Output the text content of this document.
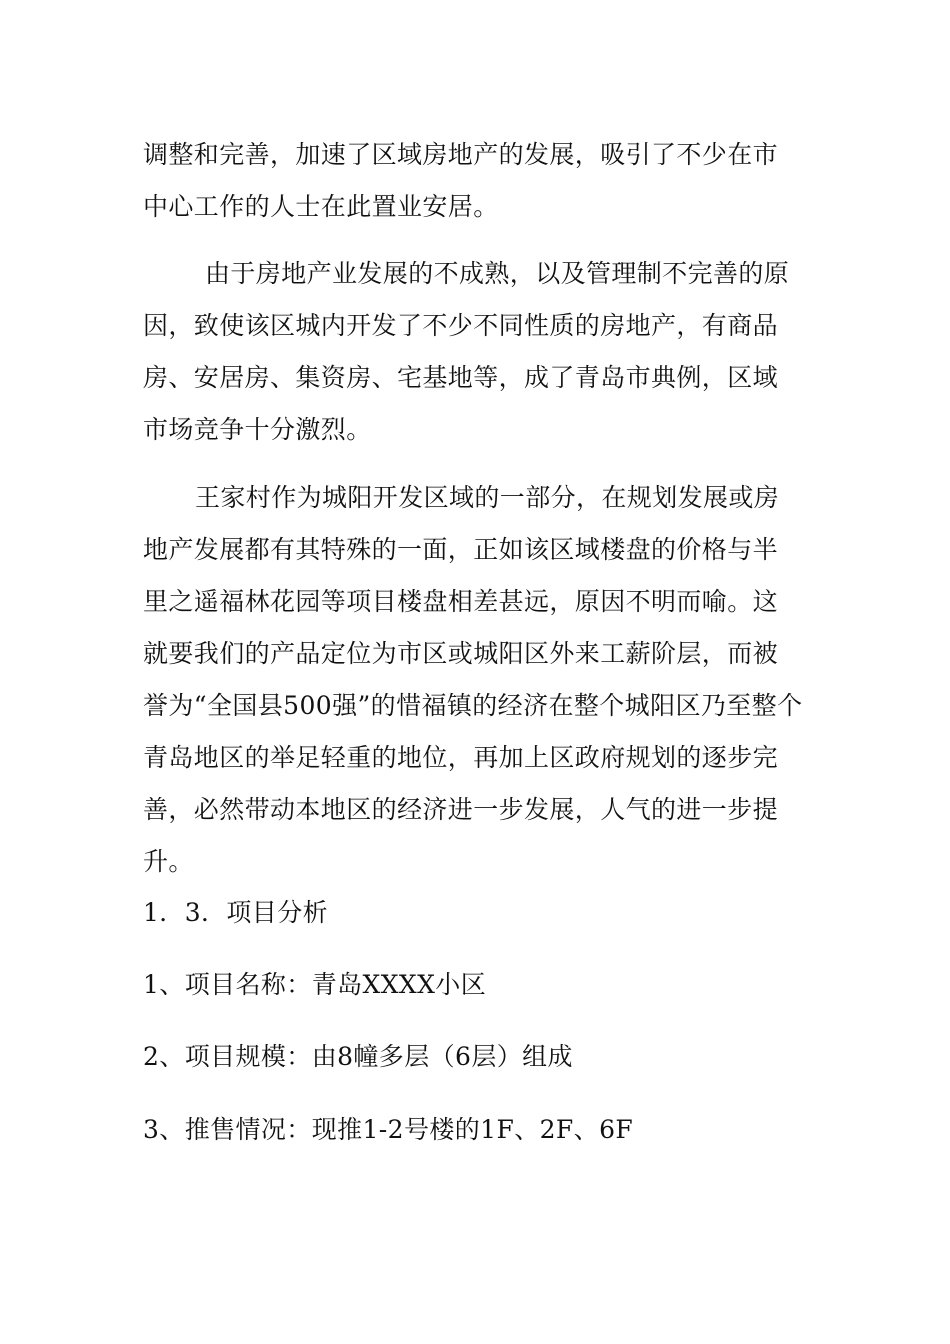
调整和完善，加速了区域房地产的发展，吸引了不少在市中心工作的人士在此置业安居。

由于房地产业发展的不成熟，以及管理制不完善的原因，致使该区城内开发了不少不同性质的房地产，有商品房、安居房、集资房、宅基地等，成了青岛市典例，区域市场竞争十分激烈。

王家村作为城阳开发区域的一部分，在规划发展或房地产发展都有其特殊的一面，正如该区域楼盘的价格与半里之遥福林花园等项目楼盘相差甚远，原因不明而喻。这就要我们的产品定位为市区或城阳区外来工薪阶层，而被誉为“全国县500强”的惜福镇的经济在整个城阳区乃至整个青岛地区的举足轻重的地位，再加上区政府规划的逐步完善，必然带动本地区的经济进一步发展，人气的进一步提升。

1．3．项目分析

1、项目名称：青岛XXXX小区

2、项目规模：由8幢多层（6层）组成

3、推售情况：现推1-2号楼的1F、2F、6F
